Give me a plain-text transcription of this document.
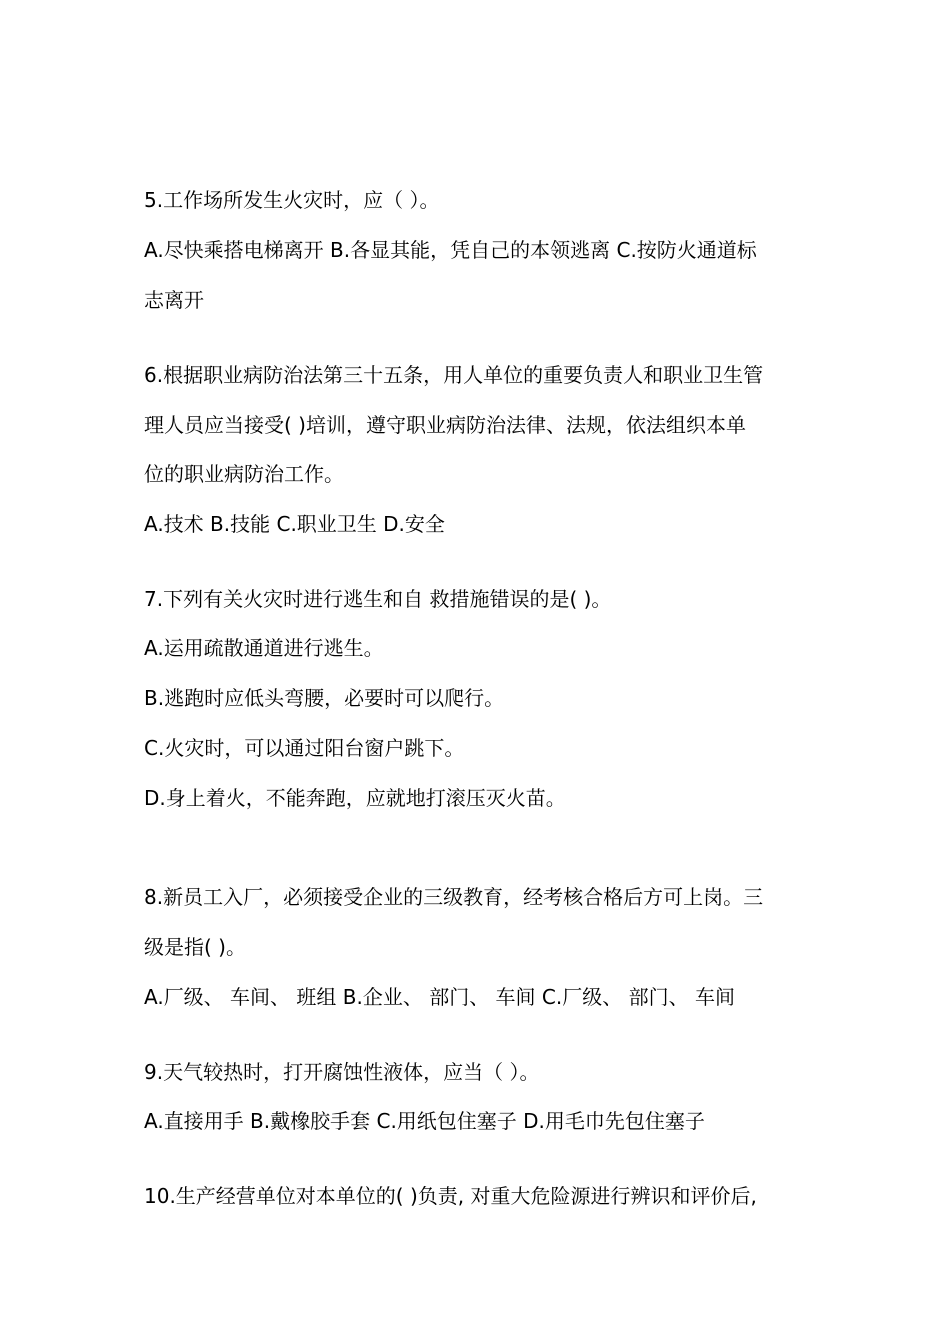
5.工作场所发生火灾时，应（ ）。
A.尽快乘搭电梯离开 B.各显其能，凭自己的本领逃离 C.按防火通道标
志离开
6.根据职业病防治法第三十五条，用人单位的重要负责人和职业卫生管
理人员应当接受( )培训，遵守职业病防治法律、法规，依法组织本单
位的职业病防治工作。
A.技术 B.技能 C.职业卫生 D.安全
7.下列有关火灾时进行逃生和自 救措施错误的是( )。
A.运用疏散通道进行逃生。
B.逃跑时应低头弯腰，必要时可以爬行。
C.火灾时，可以通过阳台窗户跳下。
D.身上着火，不能奔跑，应就地打滚压灭火苗。
8.新员工入厂，必须接受企业的三级教育，经考核合格后方可上岗。三
级是指( )。
A.厂级、 车间、 班组 B.企业、 部门、 车间 C.厂级、 部门、 车间
9.天气较热时，打开腐蚀性液体，应当（ ）。
A.直接用手 B.戴橡胶手套 C.用纸包住塞子 D.用毛巾先包住塞子
10.生产经营单位对本单位的( )负责, 对重大危险源进行辨识和评价后,
